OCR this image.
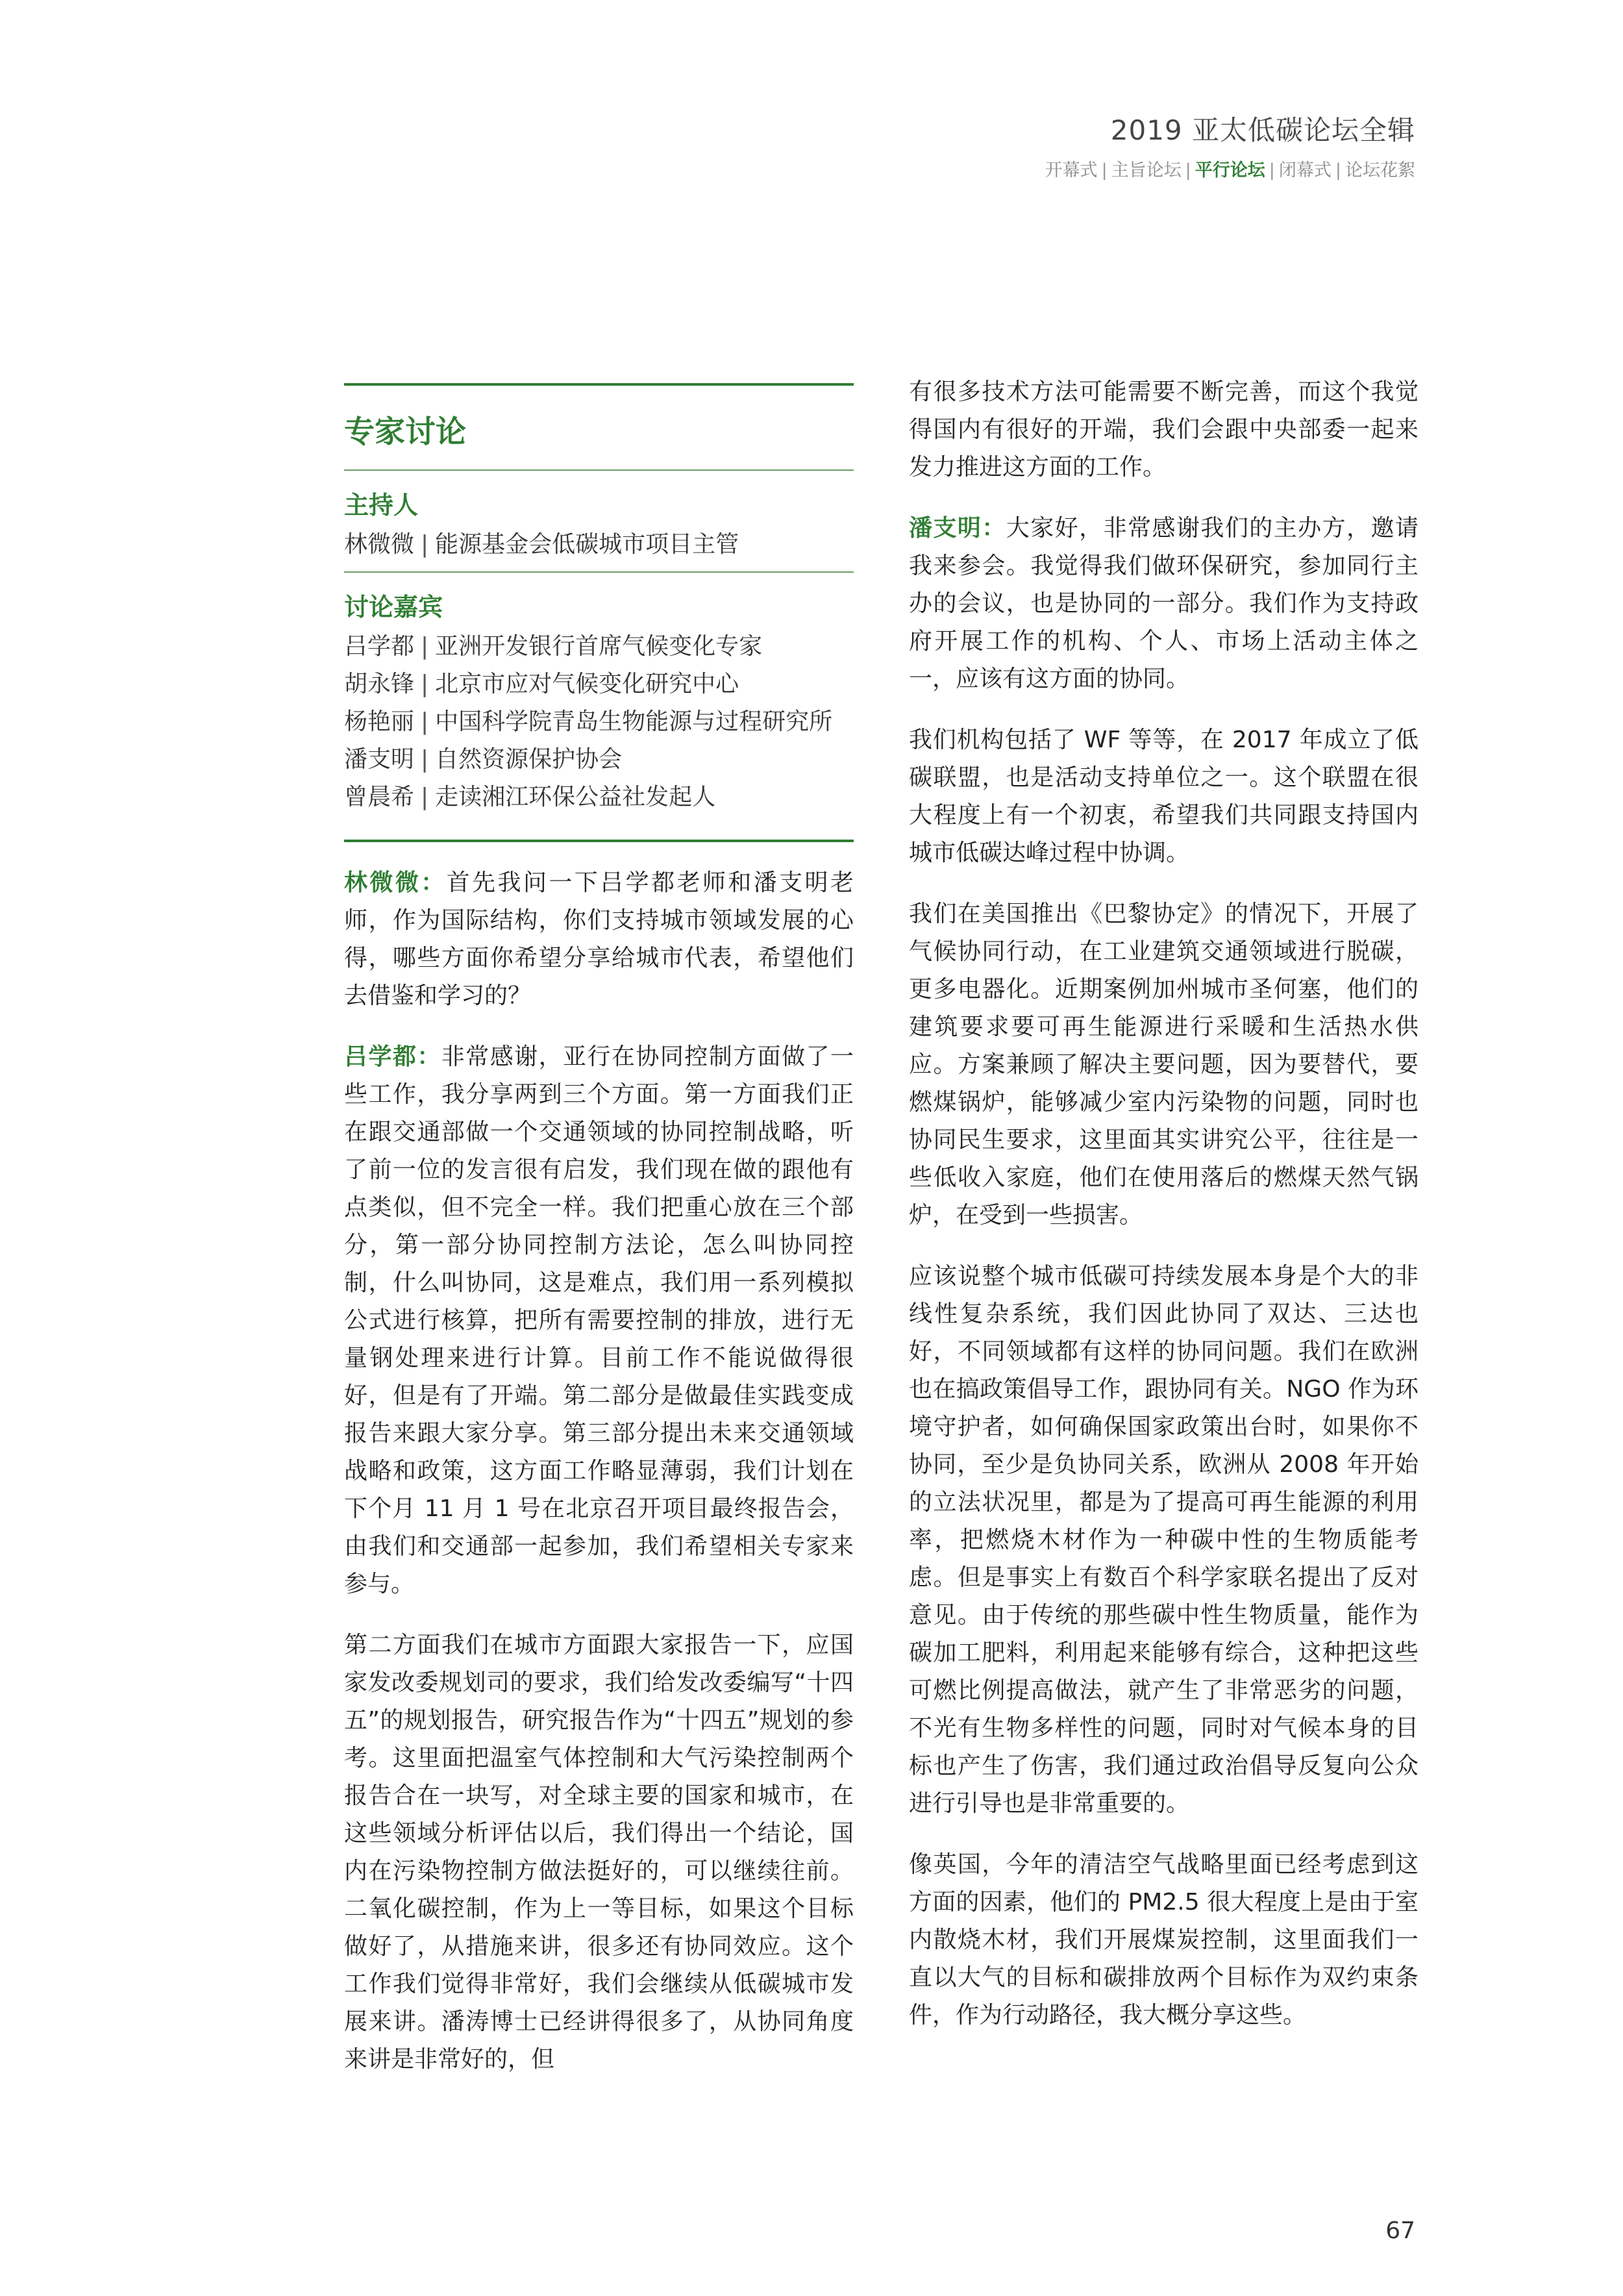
2019 亚太低碳论坛全辑
开幕式 | 主旨论坛 | 平行论坛 | 闭幕式 | 论坛花絮
专家讨论
主持人
林微微 | 能源基金会低碳城市项目主管
讨论嘉宾
吕学都 | 亚洲开发银行首席气候变化专家
胡永锋 | 北京市应对气候变化研究中心
杨艳丽 | 中国科学院青岛生物能源与过程研究所
潘支明 | 自然资源保护协会
曾晨希 | 走读湘江环保公益社发起人

林微微：首先我问一下吕学都老师和潘支明老师，作为国际结构，你们支持城市领域发展的心得，哪些方面你希望分享给城市代表，希望他们去借鉴和学习的？

吕学都：非常感谢，亚行在协同控制方面做了一些工作，我分享两到三个方面。第一方面我们正在跟交通部做一个交通领域的协同控制战略，听了前一位的发言很有启发，我们现在做的跟他有点类似，但不完全一样。我们把重心放在三个部分，第一部分协同控制方法论，怎么叫协同控制，什么叫协同，这是难点，我们用一系列模拟公式进行核算，把所有需要控制的排放，进行无量钢处理来进行计算。目前工作不能说做得很好，但是有了开端。第二部分是做最佳实践变成报告来跟大家分享。第三部分提出未来交通领域战略和政策，这方面工作略显薄弱，我们计划在下个月 11 月 1 号在北京召开项目最终报告会，由我们和交通部一起参加，我们希望相关专家来参与。

第二方面我们在城市方面跟大家报告一下，应国家发改委规划司的要求，我们给发改委编写“十四五”的规划报告，研究报告作为“十四五”规划的参考。这里面把温室气体控制和大气污染控制两个报告合在一块写，对全球主要的国家和城市，在这些领域分析评估以后，我们得出一个结论，国内在污染物控制方做法挺好的，可以继续往前。二氧化碳控制，作为上一等目标，如果这个目标做好了，从措施来讲，很多还有协同效应。这个工作我们觉得非常好，我们会继续从低碳城市发展来讲。潘涛博士已经讲得很多了，从协同角度来讲是非常好的，但

有很多技术方法可能需要不断完善，而这个我觉得国内有很好的开端，我们会跟中央部委一起来发力推进这方面的工作。

潘支明：大家好，非常感谢我们的主办方，邀请我来参会。我觉得我们做环保研究，参加同行主办的会议，也是协同的一部分。我们作为支持政府开展工作的机构、个人、市场上活动主体之一，应该有这方面的协同。

我们机构包括了 WF 等等，在 2017 年成立了低碳联盟，也是活动支持单位之一。这个联盟在很大程度上有一个初衷，希望我们共同跟支持国内城市低碳达峰过程中协调。

我们在美国推出《巴黎协定》的情况下，开展了气候协同行动，在工业建筑交通领域进行脱碳，更多电器化。近期案例加州城市圣何塞，他们的建筑要求要可再生能源进行采暖和生活热水供应。方案兼顾了解决主要问题，因为要替代，要燃煤锅炉，能够减少室内污染物的问题，同时也协同民生要求，这里面其实讲究公平，往往是一些低收入家庭，他们在使用落后的燃煤天然气锅炉，在受到一些损害。

应该说整个城市低碳可持续发展本身是个大的非线性复杂系统，我们因此协同了双达、三达也好，不同领域都有这样的协同问题。我们在欧洲也在搞政策倡导工作，跟协同有关。NGO 作为环境守护者，如何确保国家政策出台时，如果你不协同，至少是负协同关系，欧洲从 2008 年开始的立法状况里，都是为了提高可再生能源的利用率，把燃烧木材作为一种碳中性的生物质能考虑。但是事实上有数百个科学家联名提出了反对意见。由于传统的那些碳中性生物质量，能作为碳加工肥料，利用起来能够有综合，这种把这些可燃比例提高做法，就产生了非常恶劣的问题，不光有生物多样性的问题，同时对气候本身的目标也产生了伤害，我们通过政治倡导反复向公众进行引导也是非常重要的。

像英国，今年的清洁空气战略里面已经考虑到这方面的因素，他们的 PM2.5 很大程度上是由于室内散烧木材，我们开展煤炭控制，这里面我们一直以大气的目标和碳排放两个目标作为双约束条件，作为行动路径，我大概分享这些。

67
